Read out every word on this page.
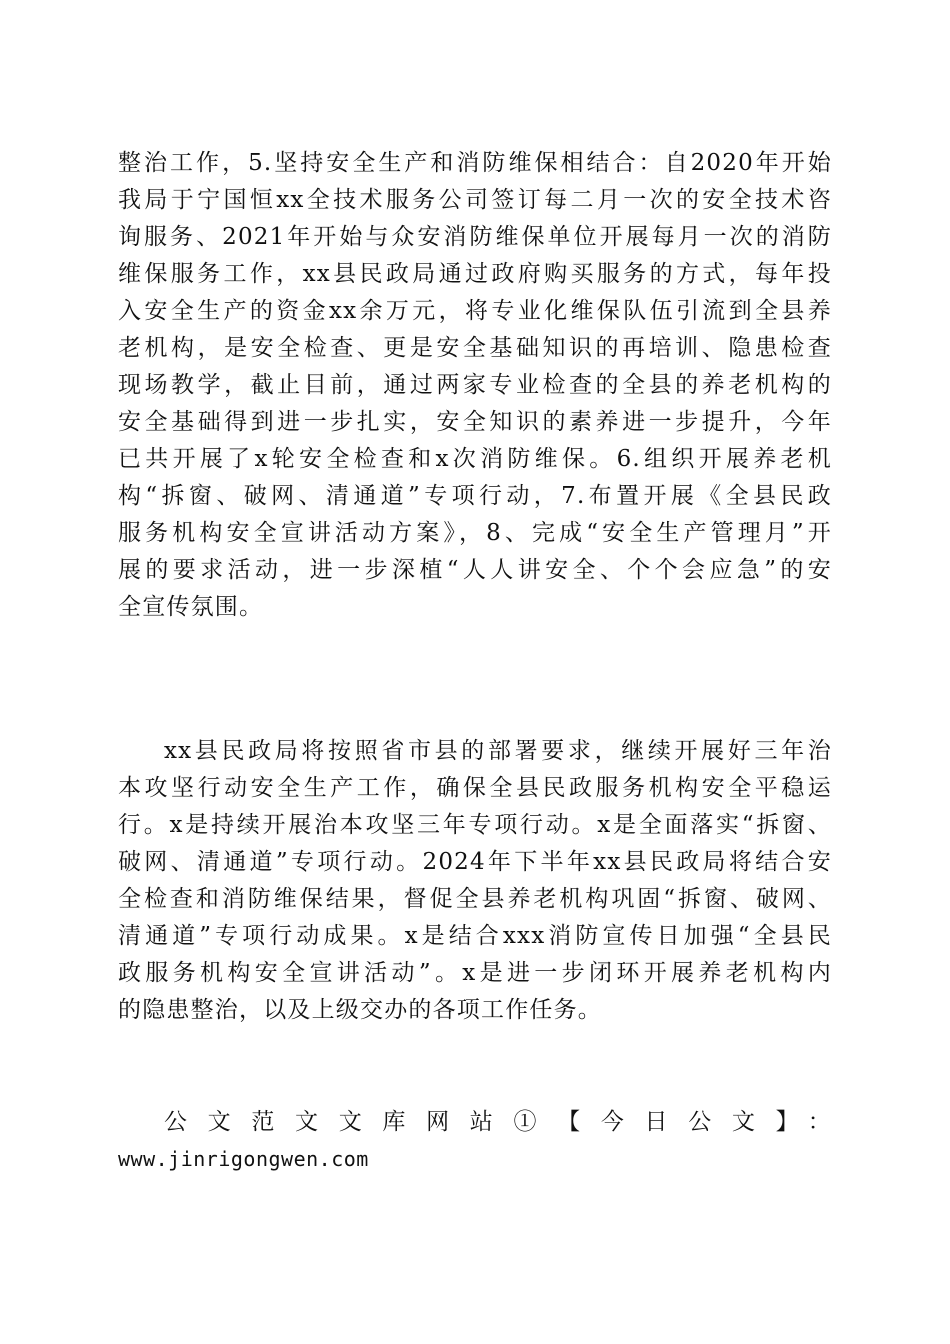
整治工作，5.坚持安全生产和消防维保相结合：自2020年开始
我局于宁国恒xx全技术服务公司签订每二月一次的安全技术咨
询服务、2021年开始与众安消防维保单位开展每月一次的消防
维保服务工作，xx县民政局通过政府购买服务的方式，每年投
入安全生产的资金xx余万元，将专业化维保队伍引流到全县养
老机构，是安全检查、更是安全基础知识的再培训、隐患检查
现场教学，截止目前，通过两家专业检查的全县的养老机构的
安全基础得到进一步扎实，安全知识的素养进一步提升，今年
已共开展了x轮安全检查和x次消防维保。6.组织开展养老机
构“拆窗、破网、清通道”专项行动，7.布置开展《全县民政
服务机构安全宣讲活动方案》，8、完成“安全生产管理月”开
展的要求活动，进一步深植“人人讲安全、个个会应急”的安
全宣传氛围。
xx县民政局将按照省市县的部署要求，继续开展好三年治
本攻坚行动安全生产工作，确保全县民政服务机构安全平稳运
行。x是持续开展治本攻坚三年专项行动。x是全面落实“拆窗、
破网、清通道”专项行动。2024年下半年xx县民政局将结合安
全检查和消防维保结果，督促全县养老机构巩固“拆窗、破网、
清通道”专项行动成果。x是结合xxx消防宣传日加强“全县民
政服务机构安全宣讲活动”。x是进一步闭环开展养老机构内
的隐患整治，以及上级交办的各项工作任务。
公文范文文库网站①【今日公文】：
www.jinrigongwen.com
